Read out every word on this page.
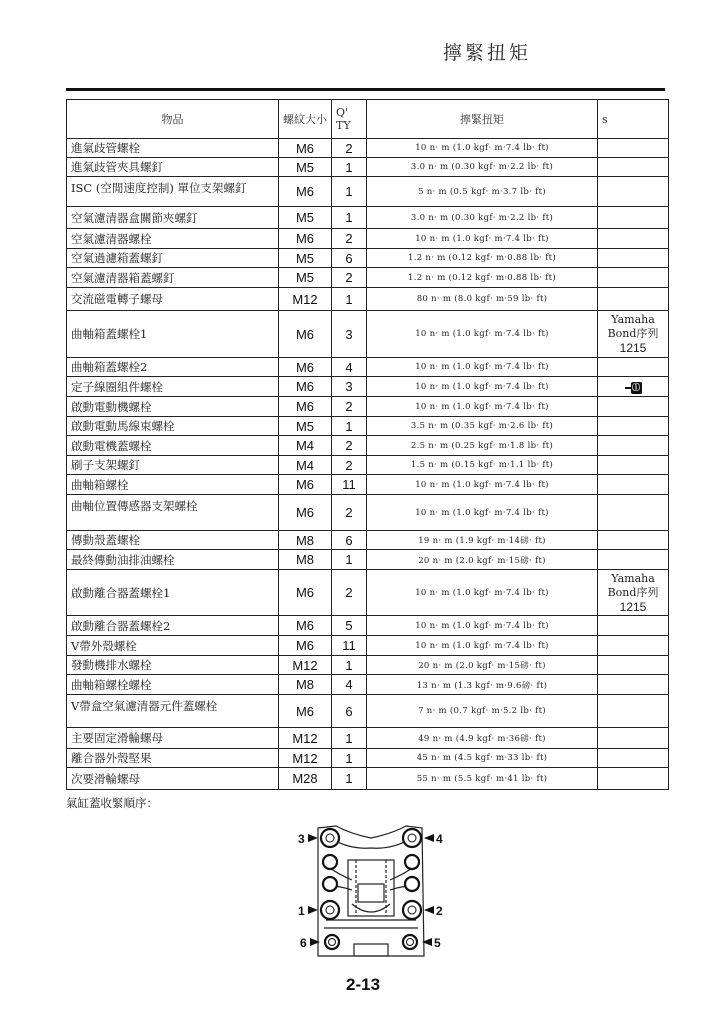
擰緊扭矩
物品	螺紋大小	Q' TY	擰緊扭矩	s
進氣歧管螺栓	M6	2	10 n· m (1.0 kgf· m·7.4 lb· ft)	
進氣歧管夾具螺釘	M5	1	3.0 n· m (0.30 kgf· m·2.2 lb· ft)	
ISC (空閒速度控制) 單位支架螺釘	M6	1	5 n· m (0.5 kgf· m·3.7 lb· ft)	
空氣濾清器盒關節夾螺釘	M5	1	3.0 n· m (0.30 kgf· m·2.2 lb· ft)	
空氣濾清器螺栓	M6	2	10 n· m (1.0 kgf· m·7.4 lb· ft)	
空氣過濾箱蓋螺釘	M5	6	1.2 n· m (0.12 kgf· m·0.88 lb· ft)	
空氣濾清器箱蓋螺釘	M5	2	1.2 n· m (0.12 kgf· m·0.88 lb· ft)	
交流磁電轉子螺母	M12	1	80 n· m (8.0 kgf· m·59 lb· ft)	
曲軸箱蓋螺栓1	M6	3	10 n· m (1.0 kgf· m·7.4 lb· ft)	Yamaha Bond序列
1215

曲軸箱蓋螺栓2	M6	4	10 n· m (1.0 kgf· m·7.4 lb· ft)	
定子線圈組件螺栓	M6	3	10 n· m (1.0 kgf· m·7.4 lb· ft)	ⓛ

啟動電動機螺栓	M6	2	10 n· m (1.0 kgf· m·7.4 lb· ft)	
啟動電動馬線束螺栓	M5	1	3.5 n· m (0.35 kgf· m·2.6 lb· ft)	
啟動電機蓋螺栓	M4	2	2.5 n· m (0.25 kgf· m·1.8 lb· ft)	
刷子支架螺釘	M4	2	1.5 n· m (0.15 kgf· m·1.1 lb· ft)	
曲軸箱螺栓	M6	11	10 n· m (1.0 kgf· m·7.4 lb· ft)	
曲軸位置傳感器支架螺栓	M6	2	10 n· m (1.0 kgf· m·7.4 lb· ft)	
傳動殼蓋螺栓	M8	6	19 n· m (1.9 kgf· m·14磅· ft)	
最終傳動油排油螺栓	M8	1	20 n· m (2.0 kgf· m·15磅· ft)	
啟動離合器蓋螺栓1	M6	2	10 n· m (1.0 kgf· m·7.4 lb· ft)	Yamaha Bond序列
1215

啟動離合器蓋螺栓2	M6	5	10 n· m (1.0 kgf· m·7.4 lb· ft)	
V帶外殼螺栓	M6	11	10 n· m (1.0 kgf· m·7.4 lb· ft)	
發動機排水螺栓	M12	1	20 n· m (2.0 kgf· m·15磅· ft)	
曲軸箱螺栓螺栓	M8	4	13 n· m (1.3 kgf· m·9.6磅· ft)	
V帶盒空氣濾清器元件蓋螺栓	M6	6	7 n· m (0.7 kgf· m·5.2 lb· ft)	
主要固定滑輪螺母	M12	1	49 n· m (4.9 kgf· m·36磅· ft)	
離合器外殼堅果	M12	1	45 n· m (4.5 kgf· m·33 lb· ft)	
次要滑輪螺母	M28	1	55 n· m (5.5 kgf· m·41 lb· ft)	
氣缸蓋收緊順序：
3	4
1	2
6	5
2-13
